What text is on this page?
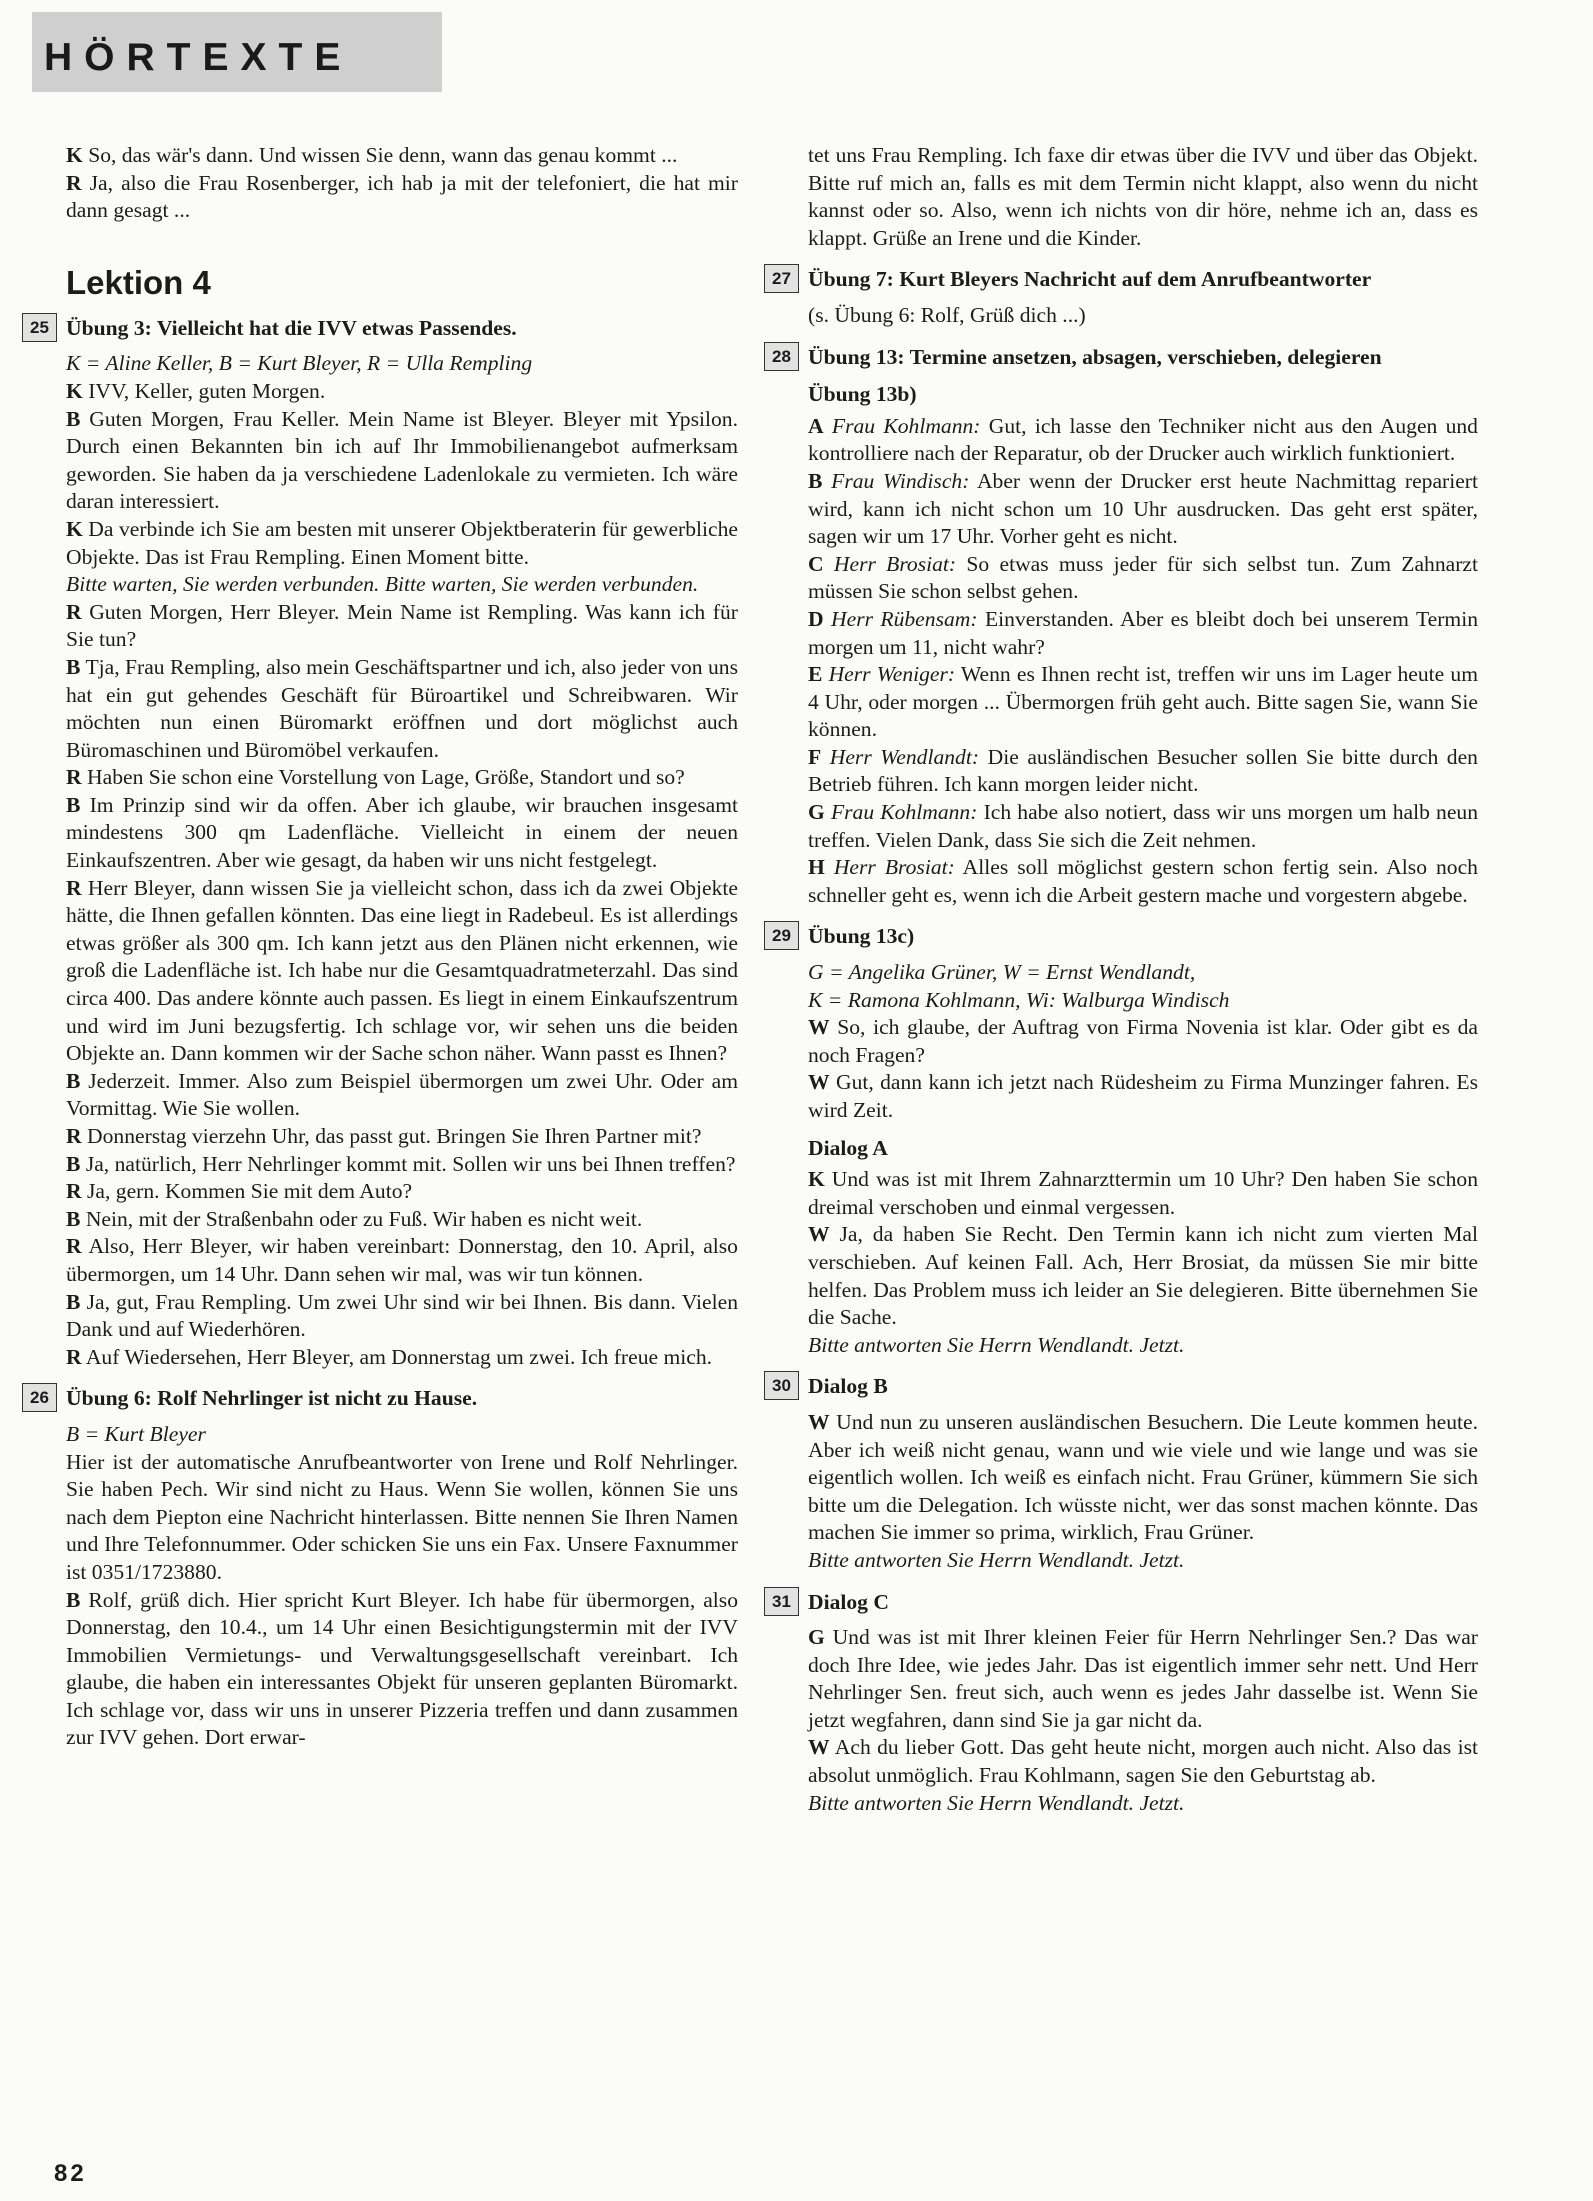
HÖRTEXTE

K So, das wär's dann. Und wissen Sie denn, wann das genau kommt ...

R Ja, also die Frau Rosenberger, ich hab ja mit der telefoniert, die hat mir dann gesagt ...

Lektion 4
25 Übung 3: Vielleicht hat die IVV etwas Passendes.

K = Aline Keller, B = Kurt Bleyer, R = Ulla Rempling

K IVV, Keller, guten Morgen.

B Guten Morgen, Frau Keller. Mein Name ist Bleyer. Bleyer mit Ypsilon. Durch einen Bekannten bin ich auf Ihr Immobilienangebot aufmerksam geworden. Sie haben da ja verschiedene Ladenlokale zu vermieten. Ich wäre daran interessiert.

K Da verbinde ich Sie am besten mit unserer Objektberaterin für gewerbliche Objekte. Das ist Frau Rempling. Einen Moment bitte.

Bitte warten, Sie werden verbunden. Bitte warten, Sie werden verbunden.

R Guten Morgen, Herr Bleyer. Mein Name ist Rempling. Was kann ich für Sie tun?

B Tja, Frau Rempling, also mein Geschäftspartner und ich, also jeder von uns hat ein gut gehendes Geschäft für Büroartikel und Schreibwaren. Wir möchten nun einen Büromarkt eröffnen und dort möglichst auch Büromaschinen und Büromöbel verkaufen.

R Haben Sie schon eine Vorstellung von Lage, Größe, Standort und so?

B Im Prinzip sind wir da offen. Aber ich glaube, wir brauchen insgesamt mindestens 300 qm Ladenfläche. Vielleicht in einem der neuen Einkaufszentren. Aber wie gesagt, da haben wir uns nicht festgelegt.

R Herr Bleyer, dann wissen Sie ja vielleicht schon, dass ich da zwei Objekte hätte, die Ihnen gefallen könnten. Das eine liegt in Radebeul. Es ist allerdings etwas größer als 300 qm. Ich kann jetzt aus den Plänen nicht erkennen, wie groß die Ladenfläche ist. Ich habe nur die Gesamtquadratmeterzahl. Das sind circa 400. Das andere könnte auch passen. Es liegt in einem Einkaufszentrum und wird im Juni bezugsfertig. Ich schlage vor, wir sehen uns die beiden Objekte an. Dann kommen wir der Sache schon näher. Wann passt es Ihnen?

B Jederzeit. Immer. Also zum Beispiel übermorgen um zwei Uhr. Oder am Vormittag. Wie Sie wollen.

R Donnerstag vierzehn Uhr, das passt gut. Bringen Sie Ihren Partner mit?

B Ja, natürlich, Herr Nehrlinger kommt mit. Sollen wir uns bei Ihnen treffen?

R Ja, gern. Kommen Sie mit dem Auto?

B Nein, mit der Straßenbahn oder zu Fuß. Wir haben es nicht weit.

R Also, Herr Bleyer, wir haben vereinbart: Donnerstag, den 10. April, also übermorgen, um 14 Uhr. Dann sehen wir mal, was wir tun können.

B Ja, gut, Frau Rempling. Um zwei Uhr sind wir bei Ihnen. Bis dann. Vielen Dank und auf Wiederhören.

R Auf Wiedersehen, Herr Bleyer, am Donnerstag um zwei. Ich freue mich.

26 Übung 6: Rolf Nehrlinger ist nicht zu Hause.

B = Kurt Bleyer

Hier ist der automatische Anrufbeantworter von Irene und Rolf Nehrlinger. Sie haben Pech. Wir sind nicht zu Haus. Wenn Sie wollen, können Sie uns nach dem Piepton eine Nachricht hinterlassen. Bitte nennen Sie Ihren Namen und Ihre Telefonnummer. Oder schicken Sie uns ein Fax. Unsere Faxnummer ist 0351/1723880.

B Rolf, grüß dich. Hier spricht Kurt Bleyer. Ich habe für übermorgen, also Donnerstag, den 10.4., um 14 Uhr einen Besichtigungstermin mit der IVV Immobilien Vermietungs- und Verwaltungsgesellschaft vereinbart. Ich glaube, die haben ein interessantes Objekt für unseren geplanten Büromarkt. Ich schlage vor, dass wir uns in unserer Pizzeria treffen und dann zusammen zur IVV gehen. Dort erwar-

tet uns Frau Rempling. Ich faxe dir etwas über die IVV und über das Objekt. Bitte ruf mich an, falls es mit dem Termin nicht klappt, also wenn du nicht kannst oder so. Also, wenn ich nichts von dir höre, nehme ich an, dass es klappt. Grüße an Irene und die Kinder.

27 Übung 7: Kurt Bleyers Nachricht auf dem Anrufbeantworter

(s. Übung 6: Rolf, Grüß dich ...)

28 Übung 13: Termine ansetzen, absagen, verschieben, delegieren
Übung 13b)

A Frau Kohlmann: Gut, ich lasse den Techniker nicht aus den Augen und kontrolliere nach der Reparatur, ob der Drucker auch wirklich funktioniert.

B Frau Windisch: Aber wenn der Drucker erst heute Nachmittag repariert wird, kann ich nicht schon um 10 Uhr ausdrucken. Das geht erst später, sagen wir um 17 Uhr. Vorher geht es nicht.

C Herr Brosiat: So etwas muss jeder für sich selbst tun. Zum Zahnarzt müssen Sie schon selbst gehen.

D Herr Rübensam: Einverstanden. Aber es bleibt doch bei unserem Termin morgen um 11, nicht wahr?

E Herr Weniger: Wenn es Ihnen recht ist, treffen wir uns im Lager heute um 4 Uhr, oder morgen ... Übermorgen früh geht auch. Bitte sagen Sie, wann Sie können.

F Herr Wendlandt: Die ausländischen Besucher sollen Sie bitte durch den Betrieb führen. Ich kann morgen leider nicht.

G Frau Kohlmann: Ich habe also notiert, dass wir uns morgen um halb neun treffen. Vielen Dank, dass Sie sich die Zeit nehmen.

H Herr Brosiat: Alles soll möglichst gestern schon fertig sein. Also noch schneller geht es, wenn ich die Arbeit gestern mache und vorgestern abgebe.

29 Übung 13c)

G = Angelika Grüner, W = Ernst Wendlandt,

K = Ramona Kohlmann, Wi: Walburga Windisch

W So, ich glaube, der Auftrag von Firma Novenia ist klar. Oder gibt es da noch Fragen?

W Gut, dann kann ich jetzt nach Rüdesheim zu Firma Munzinger fahren. Es wird Zeit.

Dialog A

K Und was ist mit Ihrem Zahnarzttermin um 10 Uhr? Den haben Sie schon dreimal verschoben und einmal vergessen.

W Ja, da haben Sie Recht. Den Termin kann ich nicht zum vierten Mal verschieben. Auf keinen Fall. Ach, Herr Brosiat, da müssen Sie mir bitte helfen. Das Problem muss ich leider an Sie delegieren. Bitte übernehmen Sie die Sache.

Bitte antworten Sie Herrn Wendlandt. Jetzt.

30 Dialog B

W Und nun zu unseren ausländischen Besuchern. Die Leute kommen heute. Aber ich weiß nicht genau, wann und wie viele und wie lange und was sie eigentlich wollen. Ich weiß es einfach nicht. Frau Grüner, kümmern Sie sich bitte um die Delegation. Ich wüsste nicht, wer das sonst machen könnte. Das machen Sie immer so prima, wirklich, Frau Grüner.

Bitte antworten Sie Herrn Wendlandt. Jetzt.

31 Dialog C

G Und was ist mit Ihrer kleinen Feier für Herrn Nehrlinger Sen.? Das war doch Ihre Idee, wie jedes Jahr. Das ist eigentlich immer sehr nett. Und Herr Nehrlinger Sen. freut sich, auch wenn es jedes Jahr dasselbe ist. Wenn Sie jetzt wegfahren, dann sind Sie ja gar nicht da.

W Ach du lieber Gott. Das geht heute nicht, morgen auch nicht. Also das ist absolut unmöglich. Frau Kohlmann, sagen Sie den Geburtstag ab.

Bitte antworten Sie Herrn Wendlandt. Jetzt.

82
